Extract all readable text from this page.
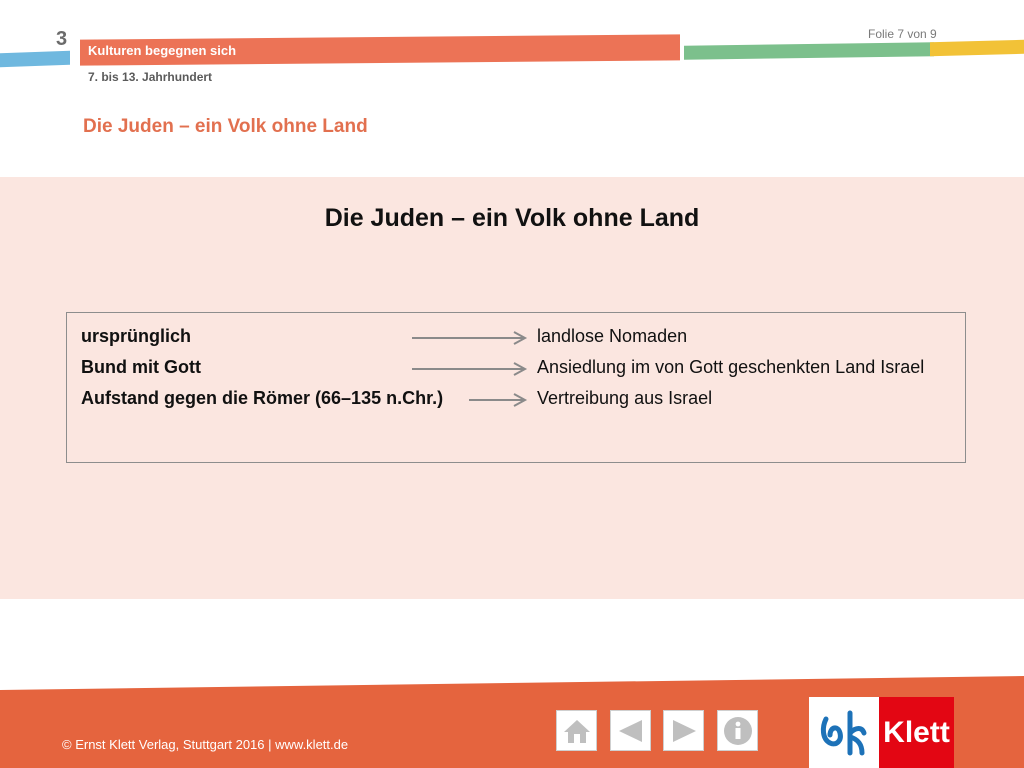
3
Kulturen begegnen sich
7. bis 13. Jahrhundert
Folie 7 von 9
Die Juden – ein Volk ohne Land
Die Juden – ein Volk ohne Land
ursprünglich	landlose Nomaden
Bund mit Gott	Ansiedlung im von Gott geschenkten Land Israel
Aufstand gegen die Römer (66–135 n.Chr.)	Vertreibung aus Israel
© Ernst Klett Verlag, Stuttgart 2016 | www.klett.de	Klett
